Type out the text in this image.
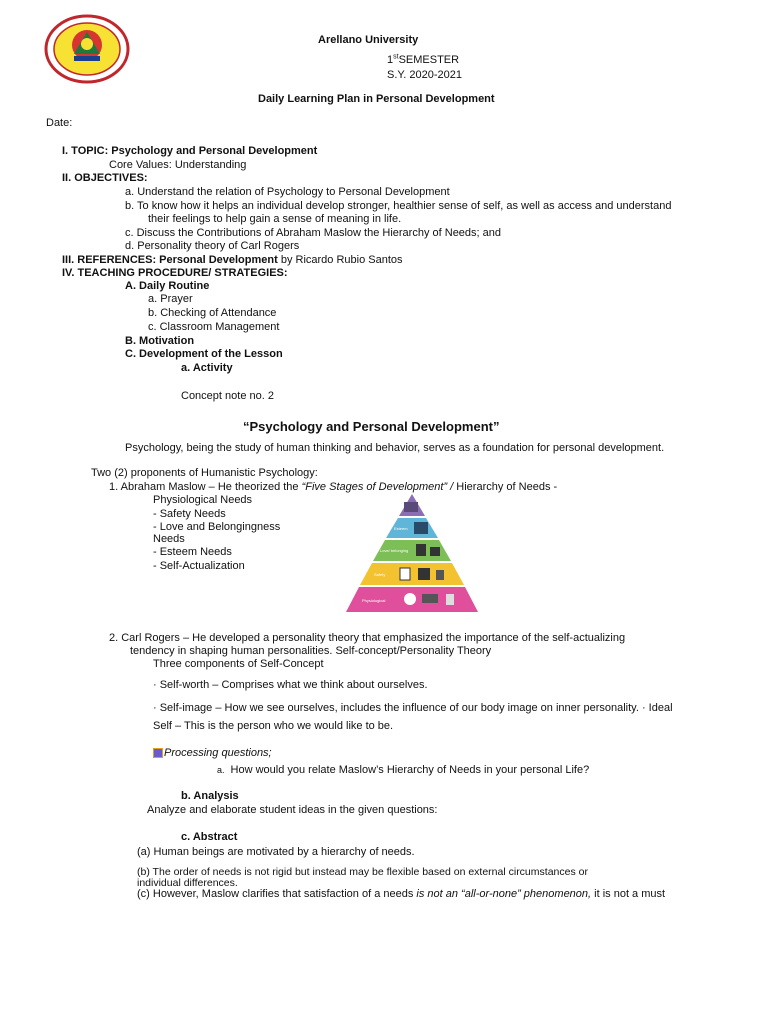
Arellano University
1stSEMESTER
S.Y. 2020-2021
Daily Learning Plan in Personal Development
Date:
I. TOPIC: Psychology and Personal Development
Core Values: Understanding
II. OBJECTIVES:
a. Understand the relation of Psychology to Personal Development
b. To know how it helps an individual develop stronger, healthier sense of self, as well as access and understand
their feelings to help gain a sense of meaning in life.
c. Discuss the Contributions of Abraham Maslow the Hierarchy of Needs; and
d. Personality theory of Carl Rogers
III. REFERENCES: Personal Development by Ricardo Rubio Santos
IV. TEACHING PROCEDURE/ STRATEGIES:
A. Daily Routine
a. Prayer
b. Checking of Attendance
c. Classroom Management
B. Motivation
C. Development of the Lesson
a. Activity
Concept note no. 2
“Psychology and Personal Development”
Psychology, being the study of human thinking and behavior, serves as a foundation for personal development.
Two (2) proponents of Humanistic Psychology:
1. Abraham Maslow – He theorized the “Five Stages of Development” / Hierarchy of Needs -
Physiological Needs
- Safety Needs
- Love and Belongingness
Needs
- Esteem Needs
- Self-Actualization
Esteem
Love/ belonging
Safety
Physiological
2. Carl Rogers – He developed a personality theory that emphasized the importance of the self-actualizing
tendency in shaping human personalities. Self-concept/Personality Theory
Three components of Self-Concept
· Self-worth – Comprises what we think about ourselves.
· Self-image – How we see ourselves, includes the influence of our body image on inner personality. · Ideal
Self – This is the person who we would like to be.
Processing questions;
a. How would you relate Maslow’s Hierarchy of Needs in your personal Life?
b. Analysis
Analyze and elaborate student ideas in the given questions:
c. Abstract
(a) Human beings are motivated by a hierarchy of needs.
(b) The order of needs is not rigid but instead may be flexible based on external circumstances or
individual differences.
(c) However, Maslow clarifies that satisfaction of a needs is not an “all-or-none” phenomenon, it is not a must
